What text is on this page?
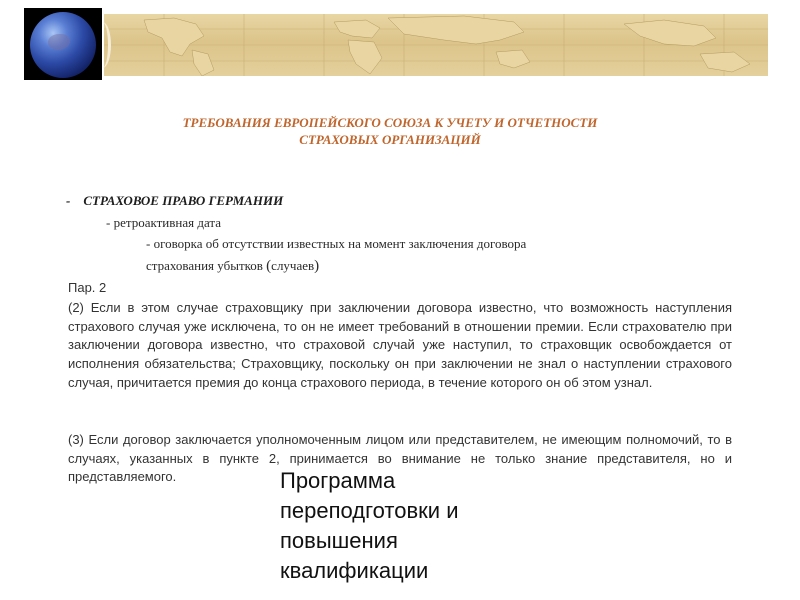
ТРЕБОВАНИЯ ЕВРОПЕЙСКОГО СОЮЗА К УЧЕТУ И ОТЧЕТНОСТИ
СТРАХОВЫХ ОРГАНИЗАЦИЙ
- СТРАХОВОЕ ПРАВО ГЕРМАНИИ
- ретроактивная дата
- оговорка об отсутствии известных на момент заключения договора
страхования убытков (случаев)
Пар. 2
(2) Если в этом случае страховщику при заключении договора известно, что возможность наступления страхового случая уже исключена, то он не имеет требований в отношении премии. Если страхователю при заключении договора известно, что страховой случай уже наступил, то страховщик освобождается от исполнения обязательства; Страховщику, поскольку он при заключении не знал о наступлении страхового случая, причитается премия до конца страхового периода, в течение которого он об этом узнал.
(3) Если договор заключается уполномоченным лицом или представителем, не имеющим полномочий, то в случаях, указанных в пункте 2, принимается во внимание не только знание представителя, но и представляемого.	Программа
переподготовки и
повышения
квалификации
